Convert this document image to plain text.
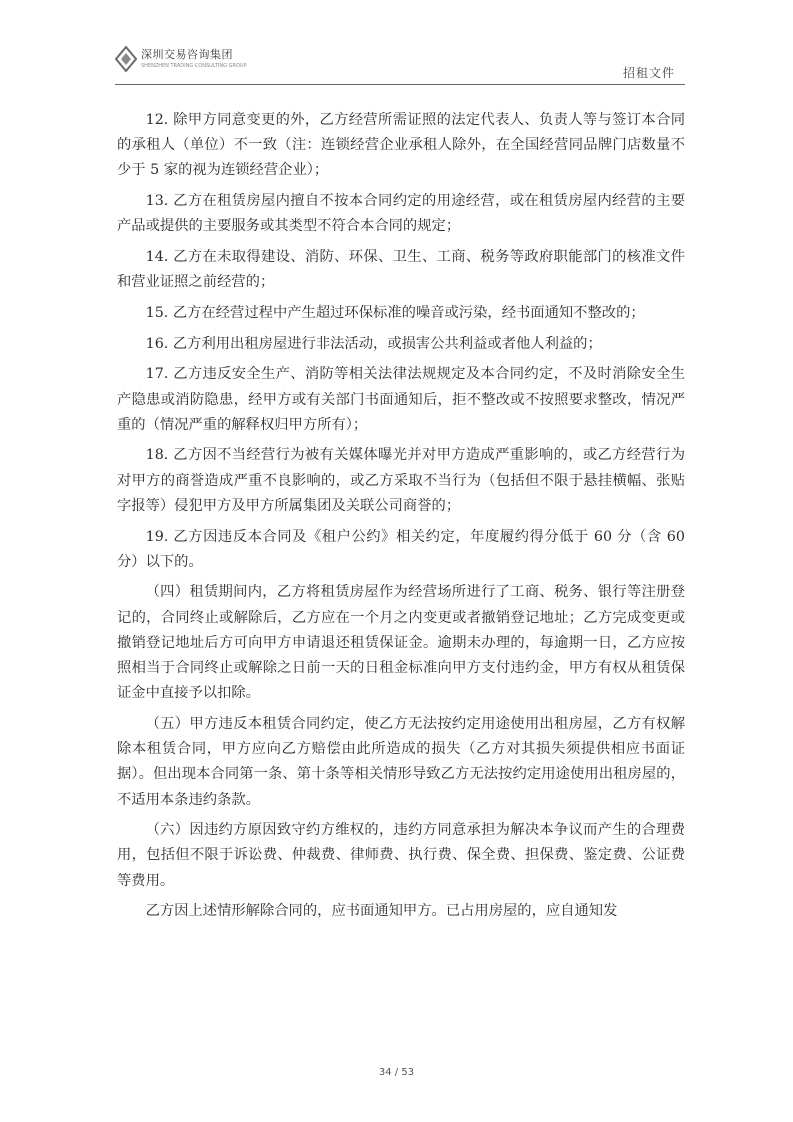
深圳交易咨询集团
SHENZHEN TRADING CONSULTING GROUP	招租文件

12. 除甲方同意变更的外，乙方经营所需证照的法定代表人、负责人等与签订本合同的承租人（单位）不一致（注：连锁经营企业承租人除外，在全国经营同品牌门店数量不少于 5 家的视为连锁经营企业）；

13. 乙方在租赁房屋内擅自不按本合同约定的用途经营，或在租赁房屋内经营的主要产品或提供的主要服务或其类型不符合本合同的规定；

14. 乙方在未取得建设、消防、环保、卫生、工商、税务等政府职能部门的核准文件和营业证照之前经营的；

15. 乙方在经营过程中产生超过环保标准的噪音或污染，经书面通知不整改的；

16. 乙方利用出租房屋进行非法活动，或损害公共利益或者他人利益的；

17. 乙方违反安全生产、消防等相关法律法规规定及本合同约定，不及时消除安全生产隐患或消防隐患，经甲方或有关部门书面通知后，拒不整改或不按照要求整改，情况严重的（情况严重的解释权归甲方所有）；

18. 乙方因不当经营行为被有关媒体曝光并对甲方造成严重影响的，或乙方经营行为对甲方的商誉造成严重不良影响的，或乙方采取不当行为（包括但不限于悬挂横幅、张贴字报等）侵犯甲方及甲方所属集团及关联公司商誉的；

19. 乙方因违反本合同及《租户公约》相关约定，年度履约得分低于 60 分（含 60 分）以下的。

（四）租赁期间内，乙方将租赁房屋作为经营场所进行了工商、税务、银行等注册登记的，合同终止或解除后，乙方应在一个月之内变更或者撤销登记地址；乙方完成变更或撤销登记地址后方可向甲方申请退还租赁保证金。逾期未办理的，每逾期一日，乙方应按照相当于合同终止或解除之日前一天的日租金标准向甲方支付违约金，甲方有权从租赁保证金中直接予以扣除。

（五）甲方违反本租赁合同约定，使乙方无法按约定用途使用出租房屋，乙方有权解除本租赁合同，甲方应向乙方赔偿由此所造成的损失（乙方对其损失须提供相应书面证据）。但出现本合同第一条、第十条等相关情形导致乙方无法按约定用途使用出租房屋的，不适用本条违约条款。

（六）因违约方原因致守约方维权的，违约方同意承担为解决本争议而产生的合理费用，包括但不限于诉讼费、仲裁费、律师费、执行费、保全费、担保费、鉴定费、公证费等费用。

乙方因上述情形解除合同的，应书面通知甲方。已占用房屋的，应自通知发

34 / 53
